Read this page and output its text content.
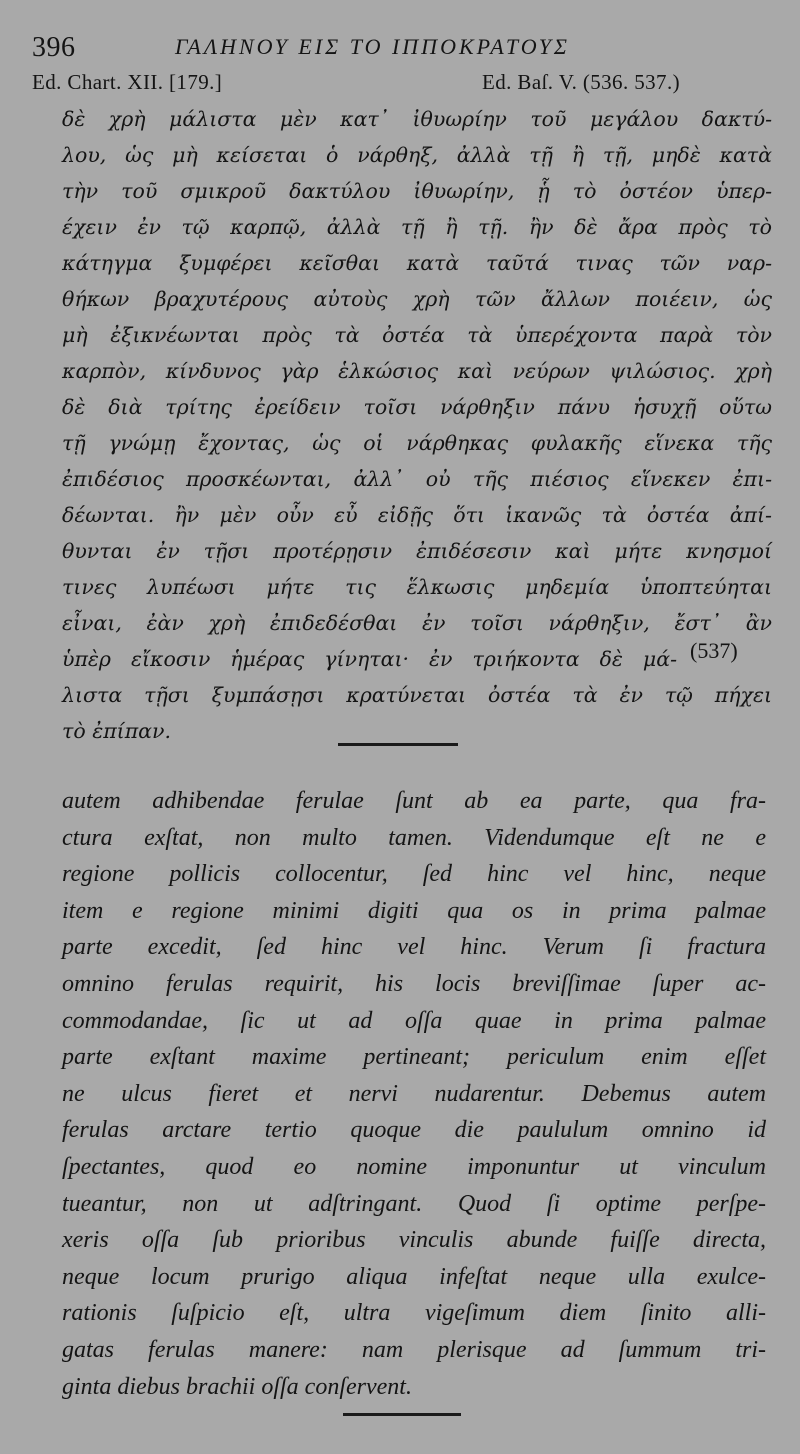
396	ΓΑΛΗΝΟΥ ΕΙΣ ΤΟ ΙΠΠΟΚΡΑΤΟΥΣ
Ed. Chart. XII. [179.]	Ed. Baſ. V. (536. 537.)
δὲ χρὴ μάλιστα μὲν κατ᾽ ἰθυωρίην τοῦ μεγάλου δακτύ-
λου, ὡς μὴ κείσεται ὁ νάρθηξ, ἀλλὰ τῇ ἢ τῇ, μηδὲ κατὰ
τὴν τοῦ σμικροῦ δακτύλου ἰθυωρίην, ᾗ τὸ ὀστέον ὑπερ-
έχειν ἐν τῷ καρπῷ, ἀλλὰ τῇ ἢ τῇ. ἢν δὲ ἄρα πρὸς τὸ
κάτηγμα ξυμφέρει κεῖσθαι κατὰ ταῦτά τινας τῶν ναρ-
θήκων βραχυτέρους αὐτοὺς χρὴ τῶν ἄλλων ποιέειν, ὡς
μὴ ἐξικνέωνται πρὸς τὰ ὀστέα τὰ ὑπερέχοντα παρὰ τὸν
καρπὸν, κίνδυνος γὰρ ἑλκώσιος καὶ νεύρων ψιλώσιος. χρὴ
δὲ διὰ τρίτης ἐρείδειν τοῖσι νάρθηξιν πάνυ ἡσυχῇ οὕτω
τῇ γνώμῃ ἔχοντας, ὡς οἱ νάρθηκας φυλακῆς εἵνεκα τῆς
ἐπιδέσιος προσκέωνται, ἀλλ᾽ οὐ τῆς πιέσιος εἵνεκεν ἐπι-
δέωνται. ἢν μὲν οὖν εὖ εἰδῇς ὅτι ἱκανῶς τὰ ὀστέα ἀπί-
θυνται ἐν τῇσι προτέρῃσιν ἐπιδέσεσιν καὶ μήτε κνησμοί
τινες λυπέωσι μήτε τις ἕλκωσις μηδεμία ὑποπτεύηται
εἶναι, ἐὰν χρὴ ἐπιδεδέσθαι ἐν τοῖσι νάρθηξιν, ἔστ᾽ ἂν
ὑπὲρ εἴκοσιν ἡμέρας γίνηται· ἐν τριήκοντα δὲ μά-
λιστα τῇσι ξυμπάσῃσι κρατύνεται ὀστέα τὰ ἐν τῷ πήχει
τὸ ἐπίπαν.
(537)
autem adhibendae ferulae ſunt ab ea parte, qua fra-
ctura exſtat, non multo tamen. Videndumque eſt ne e
regione pollicis collocentur, ſed hinc vel hinc, neque
item e regione minimi digiti qua os in prima palmae
parte excedit, ſed hinc vel hinc. Verum ſi fractura
omnino ferulas requirit, his locis breviſſimae ſuper ac-
commodandae, ſic ut ad oſſa quae in prima palmae
parte exſtant maxime pertineant; periculum enim eſſet
ne ulcus fieret et nervi nudarentur. Debemus autem
ferulas arctare tertio quoque die paululum omnino id
ſpectantes, quod eo nomine imponuntur ut vinculum
tueantur, non ut adſtringant. Quod ſi optime perſpe-
xeris oſſa ſub prioribus vinculis abunde fuiſſe directa,
neque locum prurigo aliqua infeſtat neque ulla exulce-
rationis ſuſpicio eſt, ultra vigeſimum diem ſinito alli-
gatas ferulas manere: nam plerisque ad ſummum tri-
ginta diebus brachii oſſa conſervent.
